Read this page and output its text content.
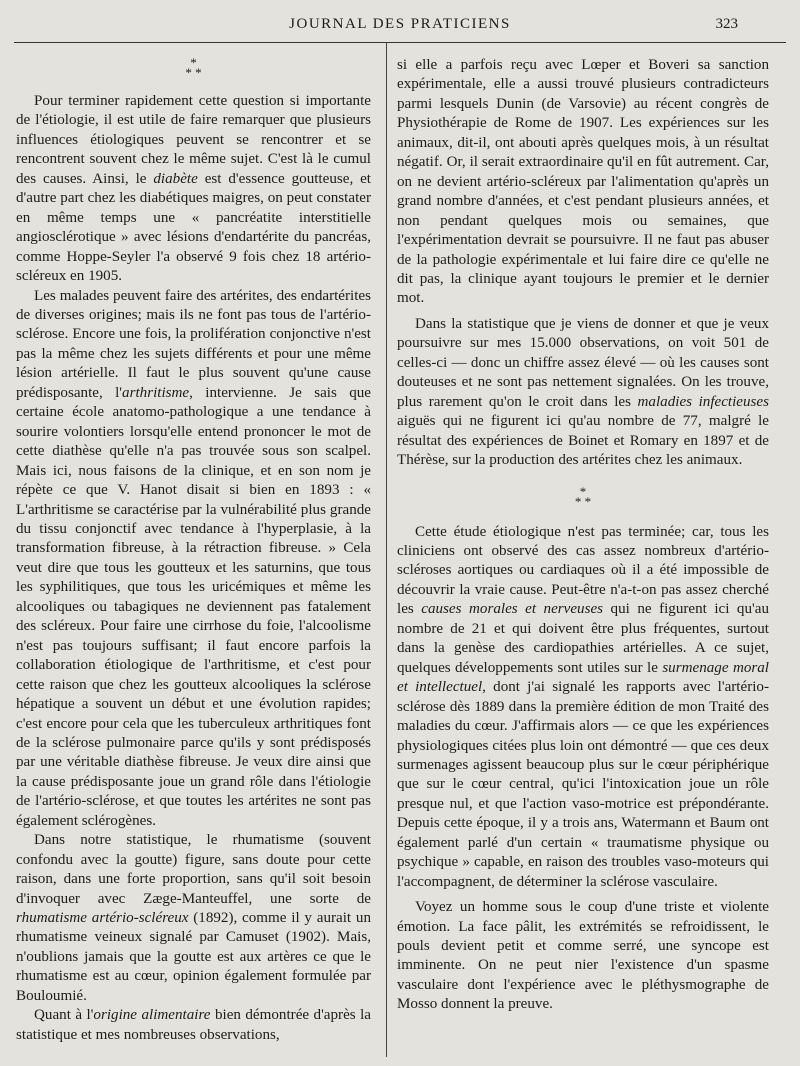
JOURNAL DES PRATICIENS	323
*
* *

Pour terminer rapidement cette question si importante de l'étiologie, il est utile de faire remarquer que plusieurs influences étiologiques peuvent se rencontrer et se rencontrent souvent chez le même sujet. C'est là le cumul des causes. Ainsi, le diabète est d'essence goutteuse, et d'autre part chez les diabétiques maigres, on peut constater en même temps une « pancréatite interstitielle angiosclérotique » avec lésions d'endartérite du pancréas, comme Hoppe-Seyler l'a observé 9 fois chez 18 artério-scléreux en 1905.

Les malades peuvent faire des artérites, des endartérites de diverses origines; mais ils ne font pas tous de l'artério-sclérose. Encore une fois, la prolifération conjonctive n'est pas la même chez les sujets différents et pour une même lésion artérielle. Il faut le plus souvent qu'une cause prédisposante, l'arthritisme, intervienne. Je sais que certaine école anatomo-pathologique a une tendance à sourire volontiers lorsqu'elle entend prononcer le mot de cette diathèse qu'elle n'a pas trouvée sous son scalpel. Mais ici, nous faisons de la clinique, et en son nom je répète ce que V. Hanot disait si bien en 1893 : « L'arthritisme se caractérise par la vulnérabilité plus grande du tissu conjonctif avec tendance à l'hyperplasie, à la transformation fibreuse, à la rétraction fibreuse. » Cela veut dire que tous les goutteux et les saturnins, que tous les syphilitiques, que tous les uricémiques et même les alcooliques ou tabagiques ne deviennent pas fatalement des scléreux. Pour faire une cirrhose du foie, l'alcoolisme n'est pas toujours suffisant; il faut encore parfois la collaboration étiologique de l'arthritisme, et c'est pour cette raison que chez les goutteux alcooliques la sclérose hépatique a souvent un début et une évolution rapides; c'est encore pour cela que les tuberculeux arthritiques font de la sclérose pulmonaire parce qu'ils y sont prédisposés par une véritable diathèse fibreuse. Je veux dire ainsi que la cause prédisposante joue un grand rôle dans l'étiologie de l'artério-sclérose, et que toutes les artérites ne sont pas également sclérogènes.

Dans notre statistique, le rhumatisme (souvent confondu avec la goutte) figure, sans doute pour cette raison, dans une forte proportion, sans qu'il soit besoin d'invoquer avec Zæge-Manteuffel, une sorte de rhumatisme artério-scléreux (1892), comme il y aurait un rhumatisme veineux signalé par Camuset (1902). Mais, n'oublions jamais que la goutte est aux artères ce que le rhumatisme est au cœur, opinion également formulée par Bouloumié.

Quant à l'origine alimentaire bien démontrée d'après la statistique et mes nombreuses observations,

si elle a parfois reçu avec Lœper et Boveri sa sanction expérimentale, elle a aussi trouvé plusieurs contradicteurs parmi lesquels Dunin (de Varsovie) au récent congrès de Physiothérapie de Rome de 1907. Les expériences sur les animaux, dit-il, ont abouti après quelques mois, à un résultat négatif. Or, il serait extraordinaire qu'il en fût autrement. Car, on ne devient artério-scléreux par l'alimentation qu'après un grand nombre d'années, et c'est pendant plusieurs années, et non pendant quelques mois ou semaines, que l'expérimentation devrait se poursuivre. Il ne faut pas abuser de la pathologie expérimentale et lui faire dire ce qu'elle ne dit pas, la clinique ayant toujours le premier et le dernier mot.

Dans la statistique que je viens de donner et que je veux poursuivre sur mes 15.000 observations, on voit 501 de celles-ci — donc un chiffre assez élevé — où les causes sont douteuses et ne sont pas nettement signalées. On les trouve, plus rarement qu'on le croit dans les maladies infectieuses aiguës qui ne figurent ici qu'au nombre de 77, malgré le résultat des expériences de Boinet et Romary en 1897 et de Thérèse, sur la production des artérites chez les animaux.

*
* *

Cette étude étiologique n'est pas terminée; car, tous les cliniciens ont observé des cas assez nombreux d'artério-scléroses aortiques ou cardiaques où il a été impossible de découvrir la vraie cause. Peut-être n'a-t-on pas assez cherché les causes morales et nerveuses qui ne figurent ici qu'au nombre de 21 et qui doivent être plus fréquentes, surtout dans la genèse des cardiopathies artérielles. A ce sujet, quelques développements sont utiles sur le surmenage moral et intellectuel, dont j'ai signalé les rapports avec l'artério-sclérose dès 1889 dans la première édition de mon Traité des maladies du cœur. J'affirmais alors — ce que les expériences physiologiques citées plus loin ont démontré — que ces deux surmenages agissent beaucoup plus sur le cœur périphérique que sur le cœur central, qu'ici l'intoxication joue un rôle presque nul, et que l'action vaso-motrice est prépondérante. Depuis cette époque, il y a trois ans, Watermann et Baum ont également parlé d'un certain « traumatisme physique ou psychique » capable, en raison des troubles vaso-moteurs qui l'accompagnent, de déterminer la sclérose vasculaire.

Voyez un homme sous le coup d'une triste et violente émotion. La face pâlit, les extrémités se refroidissent, le pouls devient petit et comme serré, une syncope est imminente. On ne peut nier l'existence d'un spasme vasculaire dont l'expérience avec le pléthysmographe de Mosso donnent la preuve.
